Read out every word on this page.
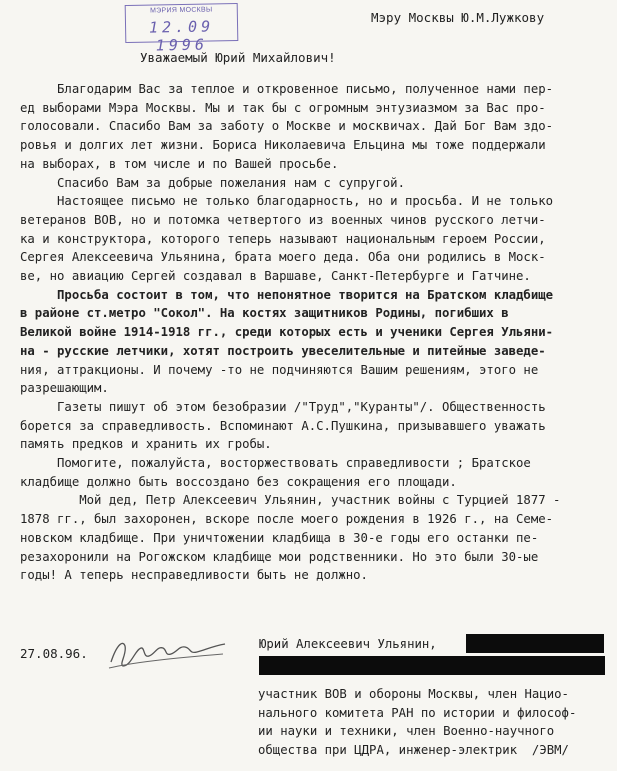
МЭРИЯ МОСКВЫ
12.09 1996
Мэру Москвы Ю.М.Лужкову
Уважаемый Юрий Михайлович!
Благодарим Вас за теплое и откровенное письмо, полученное нами пер-
ед выборами Мэра Москвы. Мы и так бы с огромным энтузиазмом за Вас про-
голосовали. Спасибо Вам за заботу о Москве и москвичах. Дай Бог Вам здо-
ровья и долгих лет жизни. Бориса Николаевича Ельцина мы тоже поддержали
на выборах, в том числе и по Вашей просьбе.
Спасибо Вам за добрые пожелания нам с супругой.
Настоящее письмо не только благодарность, но и просьба. И не только
ветеранов ВОВ, но и потомка четвертого из военных чинов русского летчи-
ка и конструктора, которого теперь называют национальным героем России,
Сергея Алексеевича Ульянина, брата моего деда. Оба они родились в Моск-
ве, но авиацию Сергей создавал в Варшаве, Санкт-Петербурге и Гатчине.
Просьба состоит в том, что непонятное творится на Братском кладбище
в районе ст.метро "Сокол". На костях защитников Родины, погибших в
Великой войне 1914-1918 гг., среди которых есть и ученики Сергея Ульяни-
на - русские летчики, хотят построить увеселительные и питейные заведе-
ния, аттракционы. И почему -то не подчиняются Вашим решениям, этого не
разрешающим.
Газеты пишут об этом безобразии /"Труд","Куранты"/. Общественность
борется за справедливость. Вспоминают А.С.Пушкина, призывавшего уважать
память предков и хранить их гробы.
Помогите, пожалуйста, восторжествовать справедливости ; Братское
кладбище должно быть воссоздано без сокращения его площади.
Мой дед, Петр Алексеевич Ульянин, участник войны с Турцией 1877 -
1878 гг., был захоронен, вскоре после моего рождения в 1926 г., на Семе-
новском кладбище. При уничтожении кладбища в 30-е годы его останки пе-
резахоронили на Рогожском кладбище мои родственники. Но это были 30-ые
годы! А теперь несправедливости быть не должно.
27.08.96.
Юрий Алексеевич Ульянин,
участник ВОВ и обороны Москвы, член Нацио-
нального комитета РАН по истории и философ-
ии науки и техники, член Военно-научного
общества при ЦДРА, инженер-электрик  /ЭВМ/
